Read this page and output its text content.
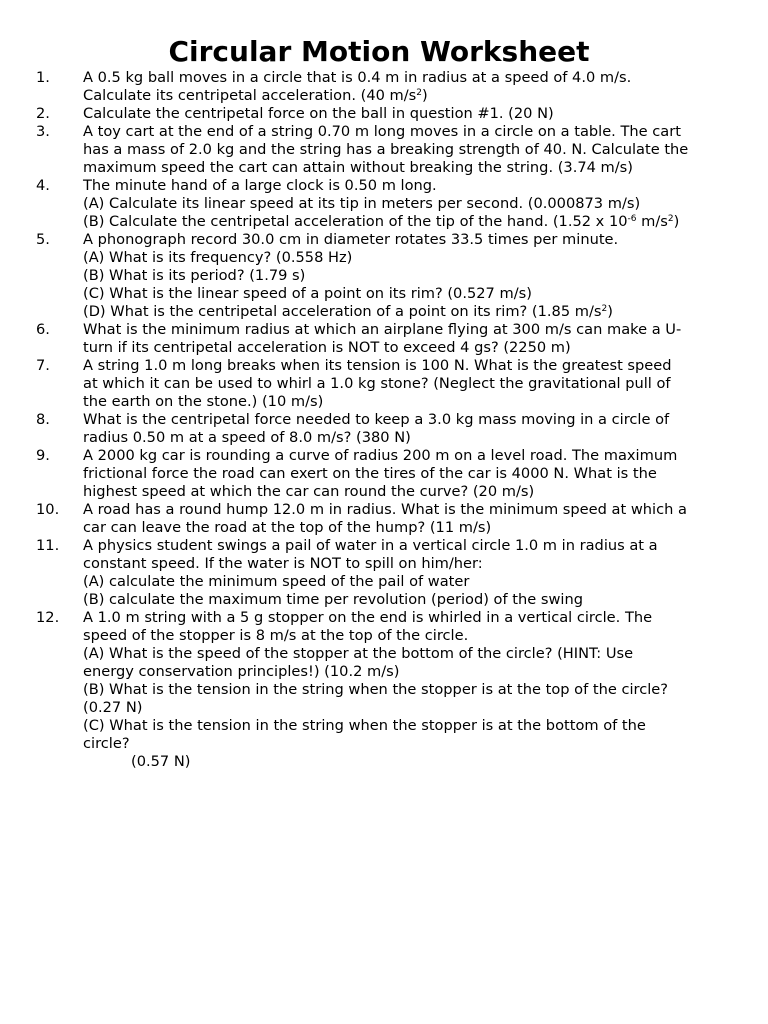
Circular Motion Worksheet
1. A 0.5 kg ball moves in a circle that is 0.4 m in radius at a speed of 4.0 m/s.
Calculate its centripetal acceleration. (40 $m/s^2$)
2. Calculate the centripetal force on the ball in question #1. (20 N)
3. A toy cart at the end of a string 0.70 m long moves in a circle on a table. The cart
has a mass of 2.0 kg and the string has a breaking strength of 40. N. Calculate the
maximum speed the cart can attain without breaking the string. (3.74 m/s)
4. The minute hand of a large clock is 0.50 m long.
(A) Calculate its linear speed at its tip in meters per second. (0.000873 m/s)
(B) Calculate the centripetal acceleration of the tip of the hand. (1.52 x $10^{-6}$ $m/s^2$)
5. A phonograph record 30.0 cm in diameter rotates 33.5 times per minute.
(A) What is its frequency? (0.558 Hz)
(B) What is its period? (1.79 s)
(C) What is the linear speed of a point on its rim? (0.527 m/s)
(D) What is the centripetal acceleration of a point on its rim? (1.85 $m/s^2$)
6. What is the minimum radius at which an airplane flying at 300 m/s can make a U-
turn if its centripetal acceleration is NOT to exceed 4 gs? (2250 m)
7. A string 1.0 m long breaks when its tension is 100 N. What is the greatest speed
at which it can be used to whirl a 1.0 kg stone? (Neglect the gravitational pull of
the earth on the stone.) (10 m/s)
8. What is the centripetal force needed to keep a 3.0 kg mass moving in a circle of
radius 0.50 m at a speed of 8.0 m/s? (380 N)
9. A 2000 kg car is rounding a curve of radius 200 m on a level road. The maximum
frictional force the road can exert on the tires of the car is 4000 N. What is the
highest speed at which the car can round the curve? (20 m/s)
10. A road has a round hump 12.0 m in radius. What is the minimum speed at which a
car can leave the road at the top of the hump? (11 m/s)
11. A physics student swings a pail of water in a vertical circle 1.0 m in radius at a
constant speed. If the water is NOT to spill on him/her:
(A) calculate the minimum speed of the pail of water
(B) calculate the maximum time per revolution (period) of the swing
12. A 1.0 m string with a 5 g stopper on the end is whirled in a vertical circle. The
speed of the stopper is 8 m/s at the top of the circle.
(A) What is the speed of the stopper at the bottom of the circle? (HINT: Use
energy conservation principles!) (10.2 m/s)
(B) What is the tension in the string when the stopper is at the top of the circle?
(0.27 N)
(C) What is the tension in the string when the stopper is at the bottom of the
circle?
(0.57 N)
